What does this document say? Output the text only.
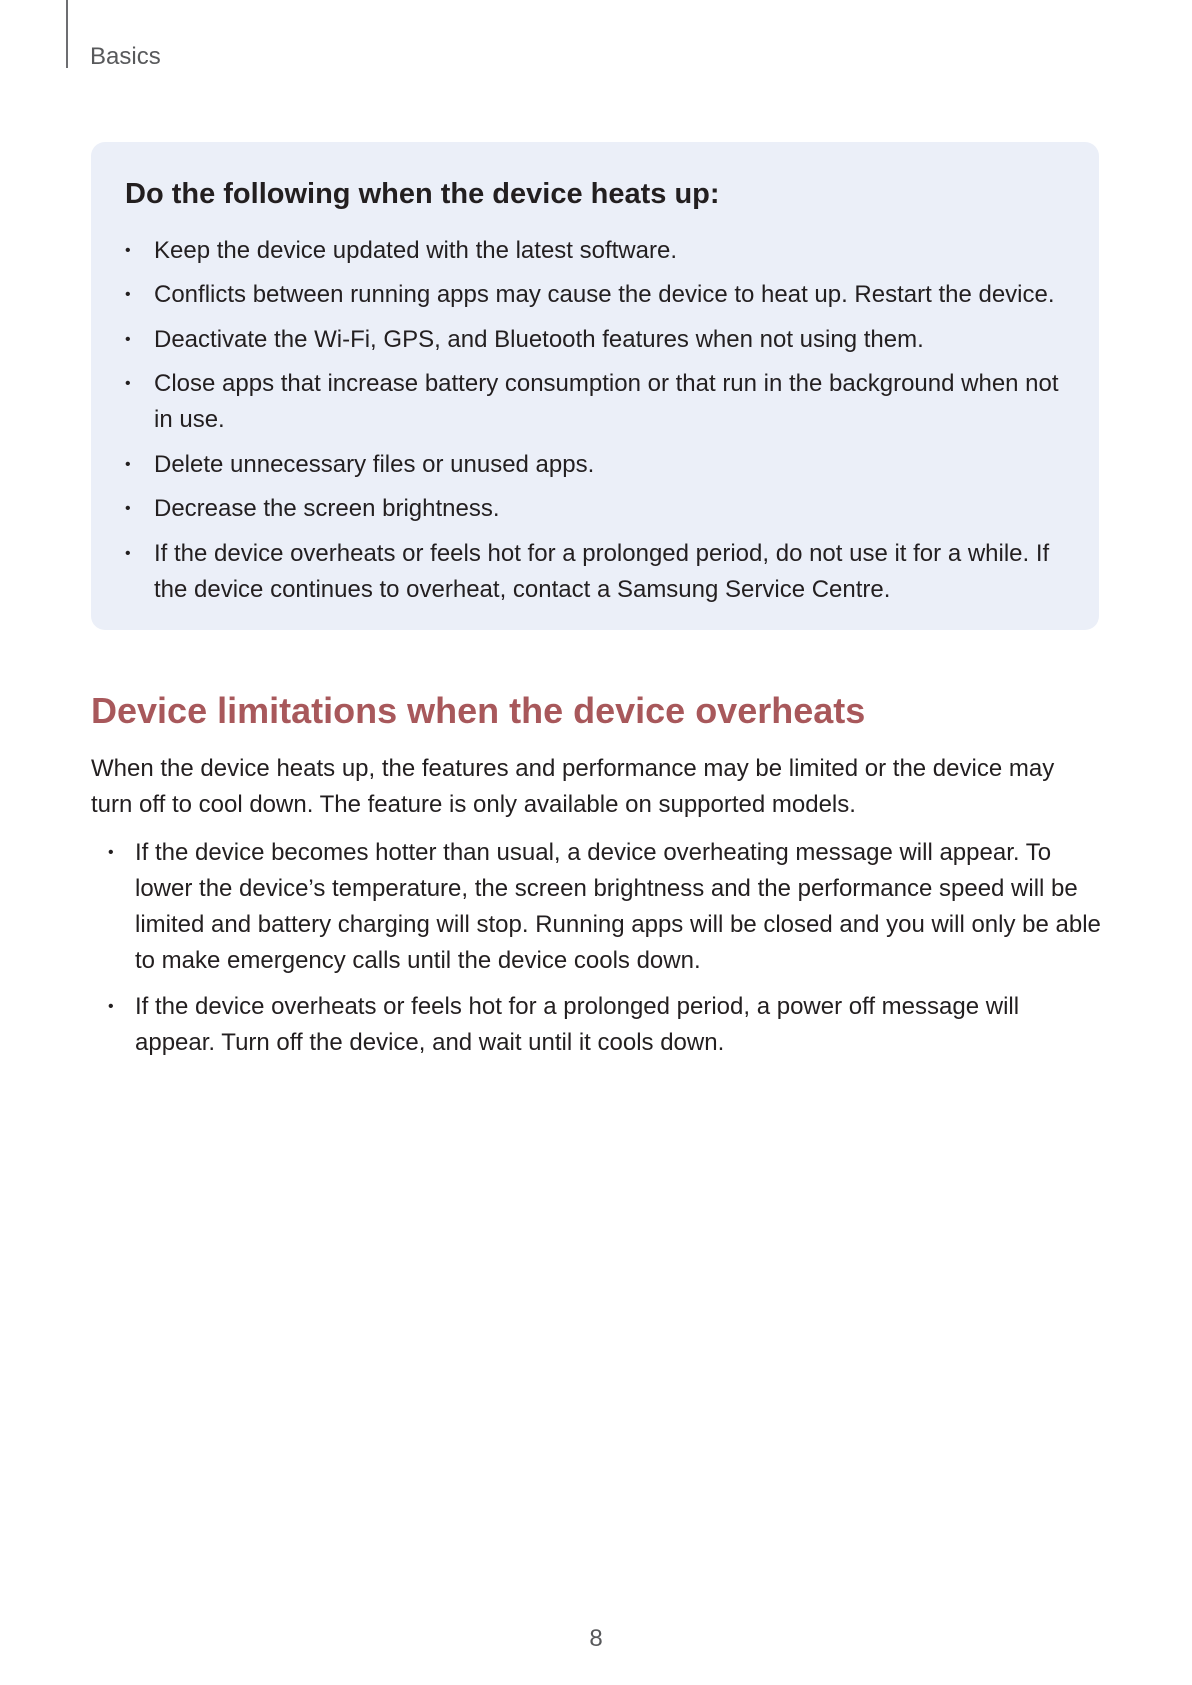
Basics
Do the following when the device heats up:
• Keep the device updated with the latest software.
• Conflicts between running apps may cause the device to heat up. Restart the device.
• Deactivate the Wi-Fi, GPS, and Bluetooth features when not using them.
• Close apps that increase battery consumption or that run in the background when not in use.
• Delete unnecessary files or unused apps.
• Decrease the screen brightness.
• If the device overheats or feels hot for a prolonged period, do not use it for a while. If the device continues to overheat, contact a Samsung Service Centre.
Device limitations when the device overheats

When the device heats up, the features and performance may be limited or the device may turn off to cool down. The feature is only available on supported models.

• If the device becomes hotter than usual, a device overheating message will appear. To lower the device’s temperature, the screen brightness and the performance speed will be limited and battery charging will stop. Running apps will be closed and you will only be able to make emergency calls until the device cools down.
• If the device overheats or feels hot for a prolonged period, a power off message will appear. Turn off the device, and wait until it cools down.
8
